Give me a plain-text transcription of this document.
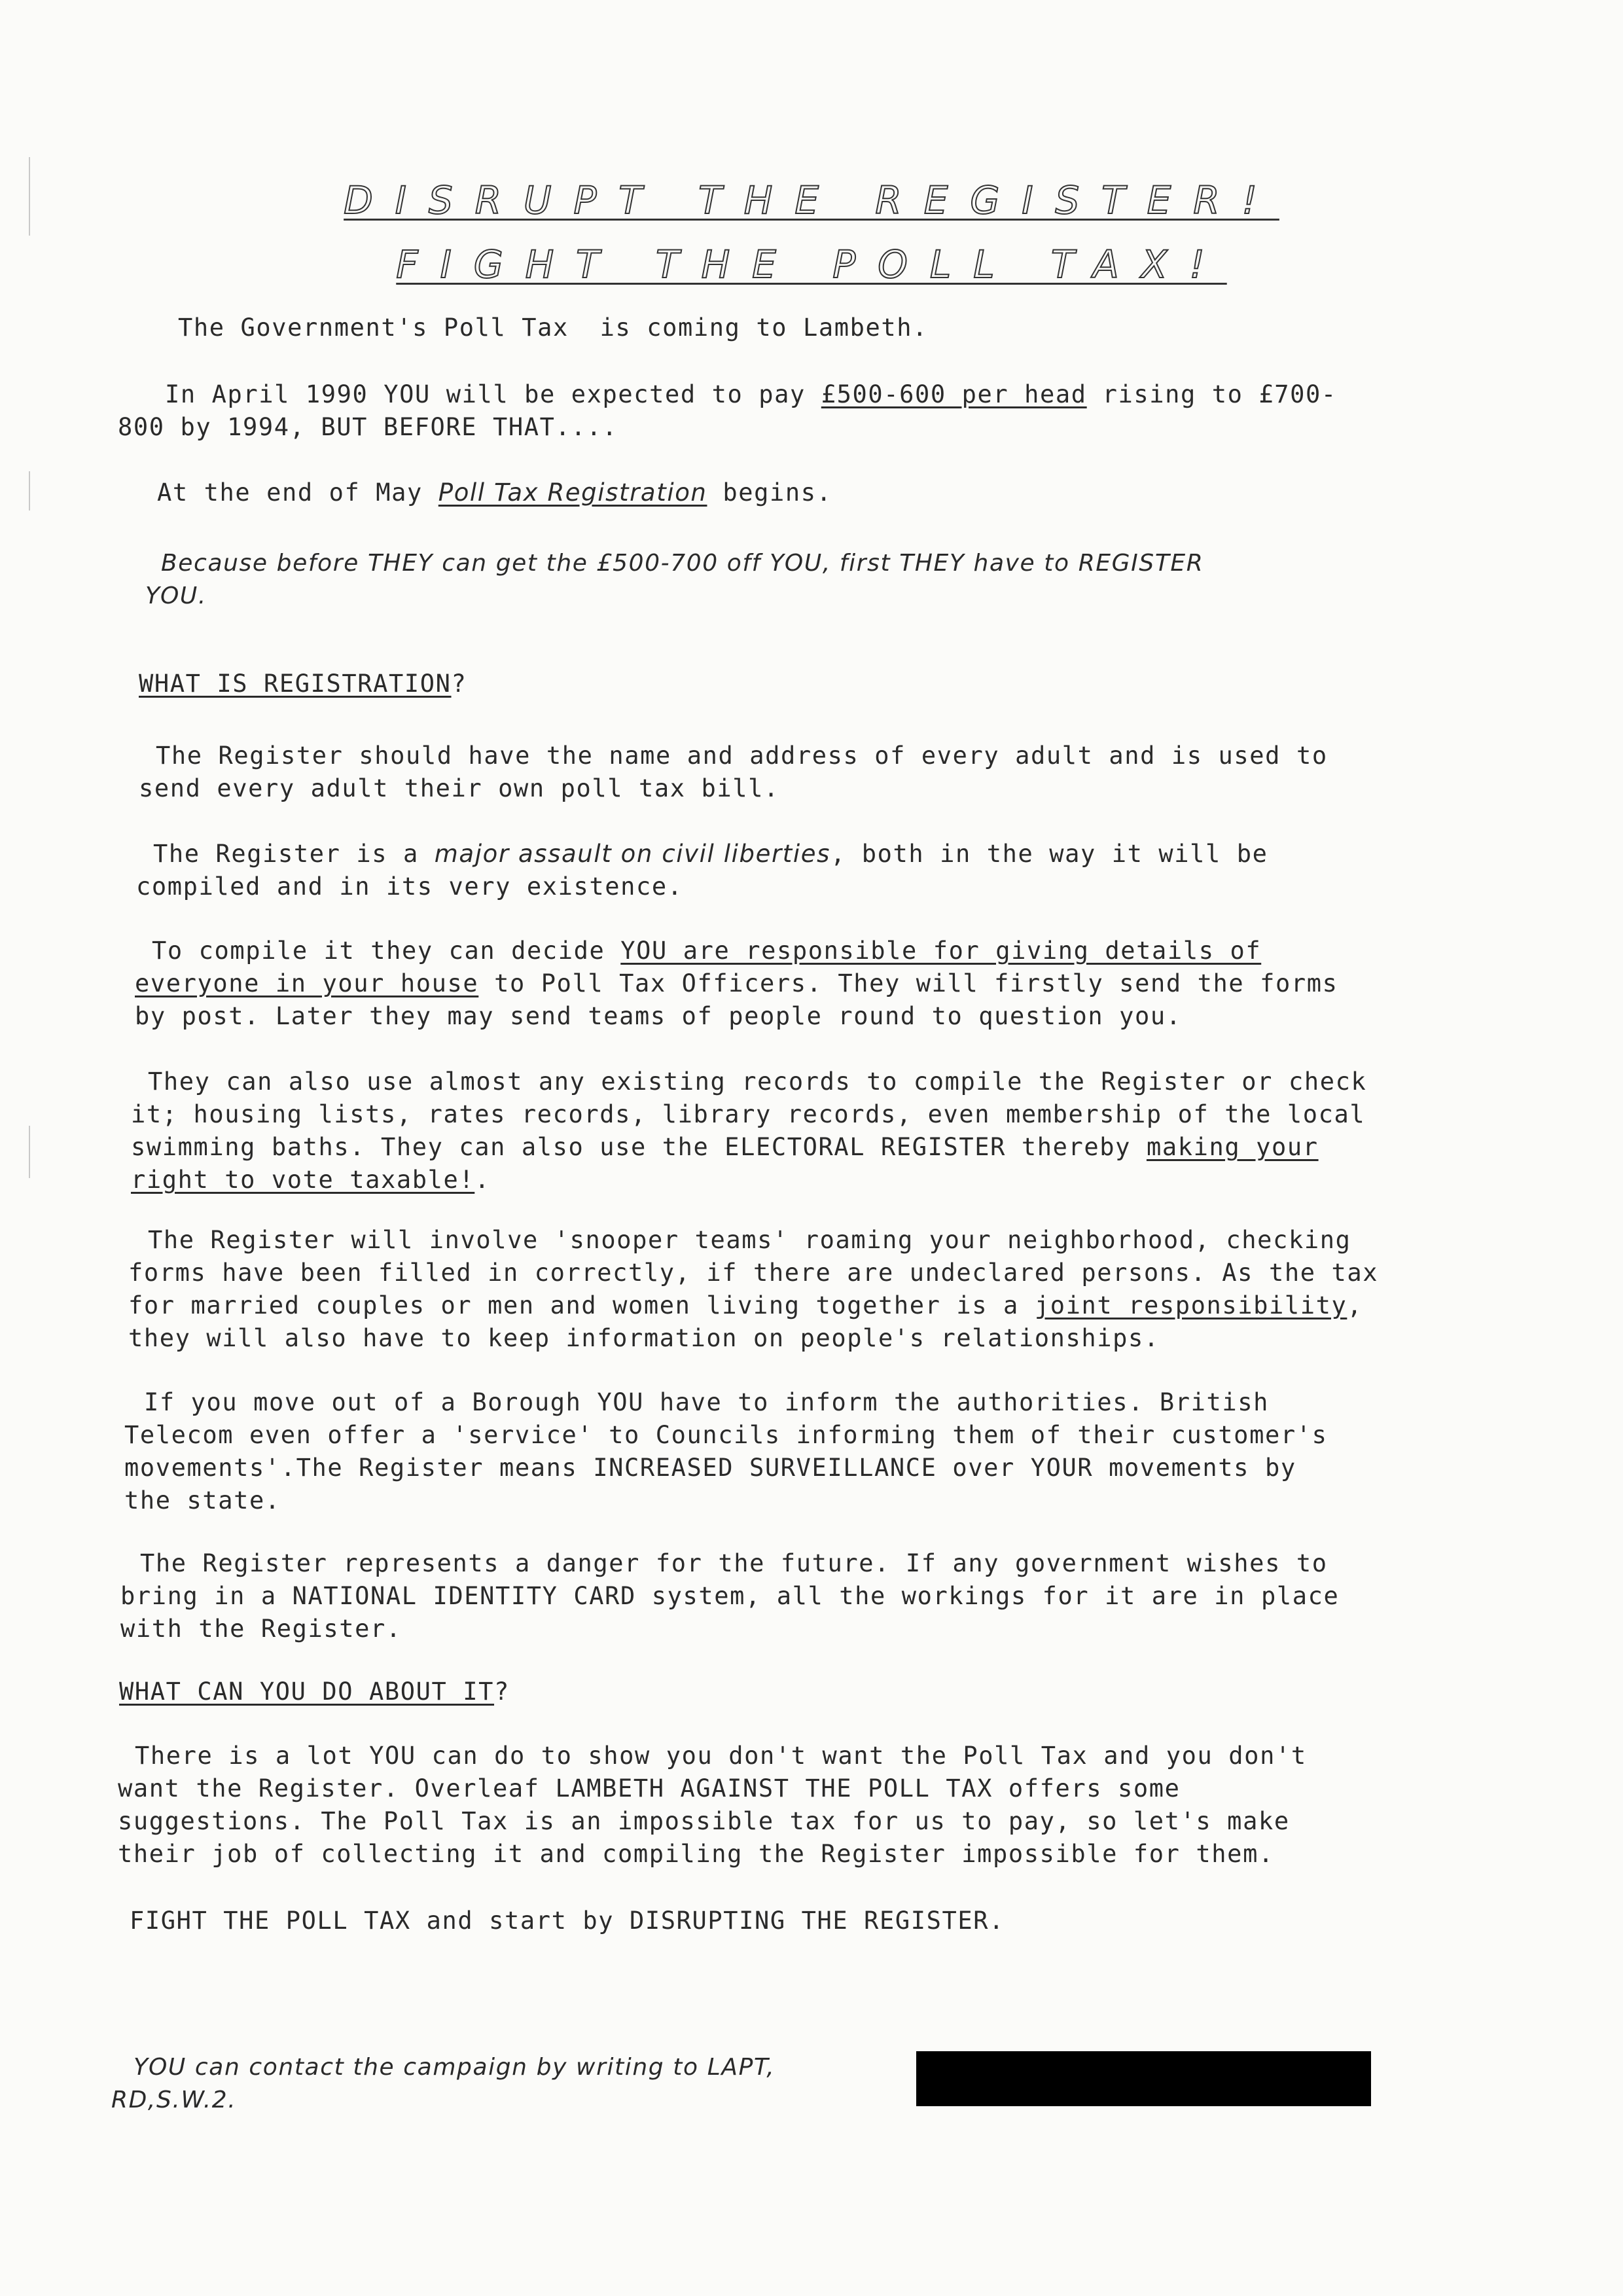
DISRUPT THE REGISTER!
FIGHT THE POLL TAX!

The Government's Poll Tax  is coming to Lambeth.

In April 1990 YOU will be expected to pay £500-600 per head rising to £700-
800 by 1994, BUT BEFORE THAT....

At the end of May Poll Tax Registration begins.

Because before THEY can get the £500-700 off YOU, first THEY have to REGISTER
YOU.

WHAT IS REGISTRATION?

The Register should have the name and address of every adult and is used to
send every adult their own poll tax bill.

The Register is a major assault on civil liberties, both in the way it will be
compiled and in its very existence.

To compile it they can decide YOU are responsible for giving details of
everyone in your house to Poll Tax Officers. They will firstly send the forms
by post. Later they may send teams of people round to question you.

They can also use almost any existing records to compile the Register or check
it; housing lists, rates records, library records, even membership of the local
swimming baths. They can also use the ELECTORAL REGISTER thereby making your
right to vote taxable!.

The Register will involve 'snooper teams' roaming your neighborhood, checking
forms have been filled in correctly, if there are undeclared persons. As the tax
for married couples or men and women living together is a joint responsibility,
they will also have to keep information on people's relationships.

If you move out of a Borough YOU have to inform the authorities. British
Telecom even offer a 'service' to Councils informing them of their customer's
movements'.The Register means INCREASED SURVEILLANCE over YOUR movements by
the state.

The Register represents a danger for the future. If any government wishes to
bring in a NATIONAL IDENTITY CARD system, all the workings for it are in place
with the Register.

WHAT CAN YOU DO ABOUT IT?

There is a lot YOU can do to show you don't want the Poll Tax and you don't
want the Register. Overleaf LAMBETH AGAINST THE POLL TAX offers some
suggestions. The Poll Tax is an impossible tax for us to pay, so let's make
their job of collecting it and compiling the Register impossible for them.

FIGHT THE POLL TAX and start by DISRUPTING THE REGISTER.

YOU can contact the campaign by writing to LAPT,
RD,S.W.2.
